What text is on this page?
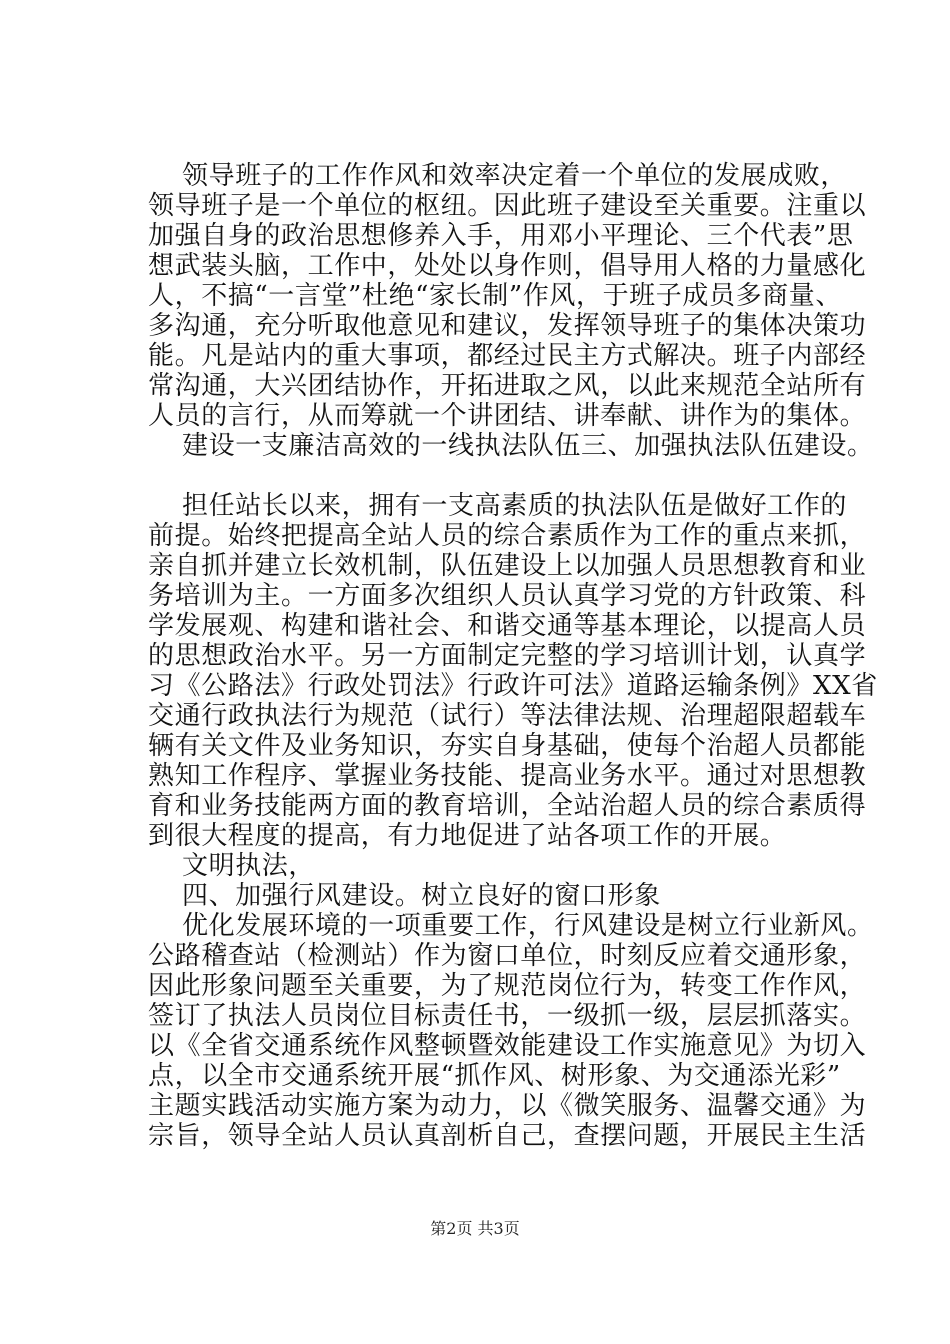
领导班子的工作作风和效率决定着一个单位的发展成败，
领导班子是一个单位的枢纽。因此班子建设至关重要。注重以
加强自身的政治思想修养入手，用邓小平理论、三个代表”思
想武装头脑，工作中，处处以身作则，倡导用人格的力量感化
人，不搞“一言堂”杜绝“家长制”作风，于班子成员多商量、
多沟通，充分听取他意见和建议，发挥领导班子的集体决策功
能。凡是站内的重大事项，都经过民主方式解决。班子内部经
常沟通，大兴团结协作，开拓进取之风，以此来规范全站所有
人员的言行，从而筹就一个讲团结、讲奉献、讲作为的集体。
建设一支廉洁高效的一线执法队伍三、加强执法队伍建设。
担任站长以来，拥有一支高素质的执法队伍是做好工作的
前提。始终把提高全站人员的综合素质作为工作的重点来抓，
亲自抓并建立长效机制，队伍建设上以加强人员思想教育和业
务培训为主。一方面多次组织人员认真学习党的方针政策、科
学发展观、构建和谐社会、和谐交通等基本理论，以提高人员
的思想政治水平。另一方面制定完整的学习培训计划，认真学
习《公路法》行政处罚法》行政许可法》道路运输条例》XX省
交通行政执法行为规范（试行）等法律法规、治理超限超载车
辆有关文件及业务知识，夯实自身基础，使每个治超人员都能
熟知工作程序、掌握业务技能、提高业务水平。通过对思想教
育和业务技能两方面的教育培训，全站治超人员的综合素质得
到很大程度的提高，有力地促进了站各项工作的开展。
文明执法，
四、加强行风建设。树立良好的窗口形象
优化发展环境的一项重要工作，行风建设是树立行业新风。
公路稽查站（检测站）作为窗口单位，时刻反应着交通形象，
因此形象问题至关重要，为了规范岗位行为，转变工作作风，
签订了执法人员岗位目标责任书，一级抓一级，层层抓落实。
以《全省交通系统作风整顿暨效能建设工作实施意见》为切入
点，以全市交通系统开展“抓作风、树形象、为交通添光彩”
主题实践活动实施方案为动力，以《微笑服务、温馨交通》为
宗旨，领导全站人员认真剖析自己，查摆问题，开展民主生活
第2页 共3页
